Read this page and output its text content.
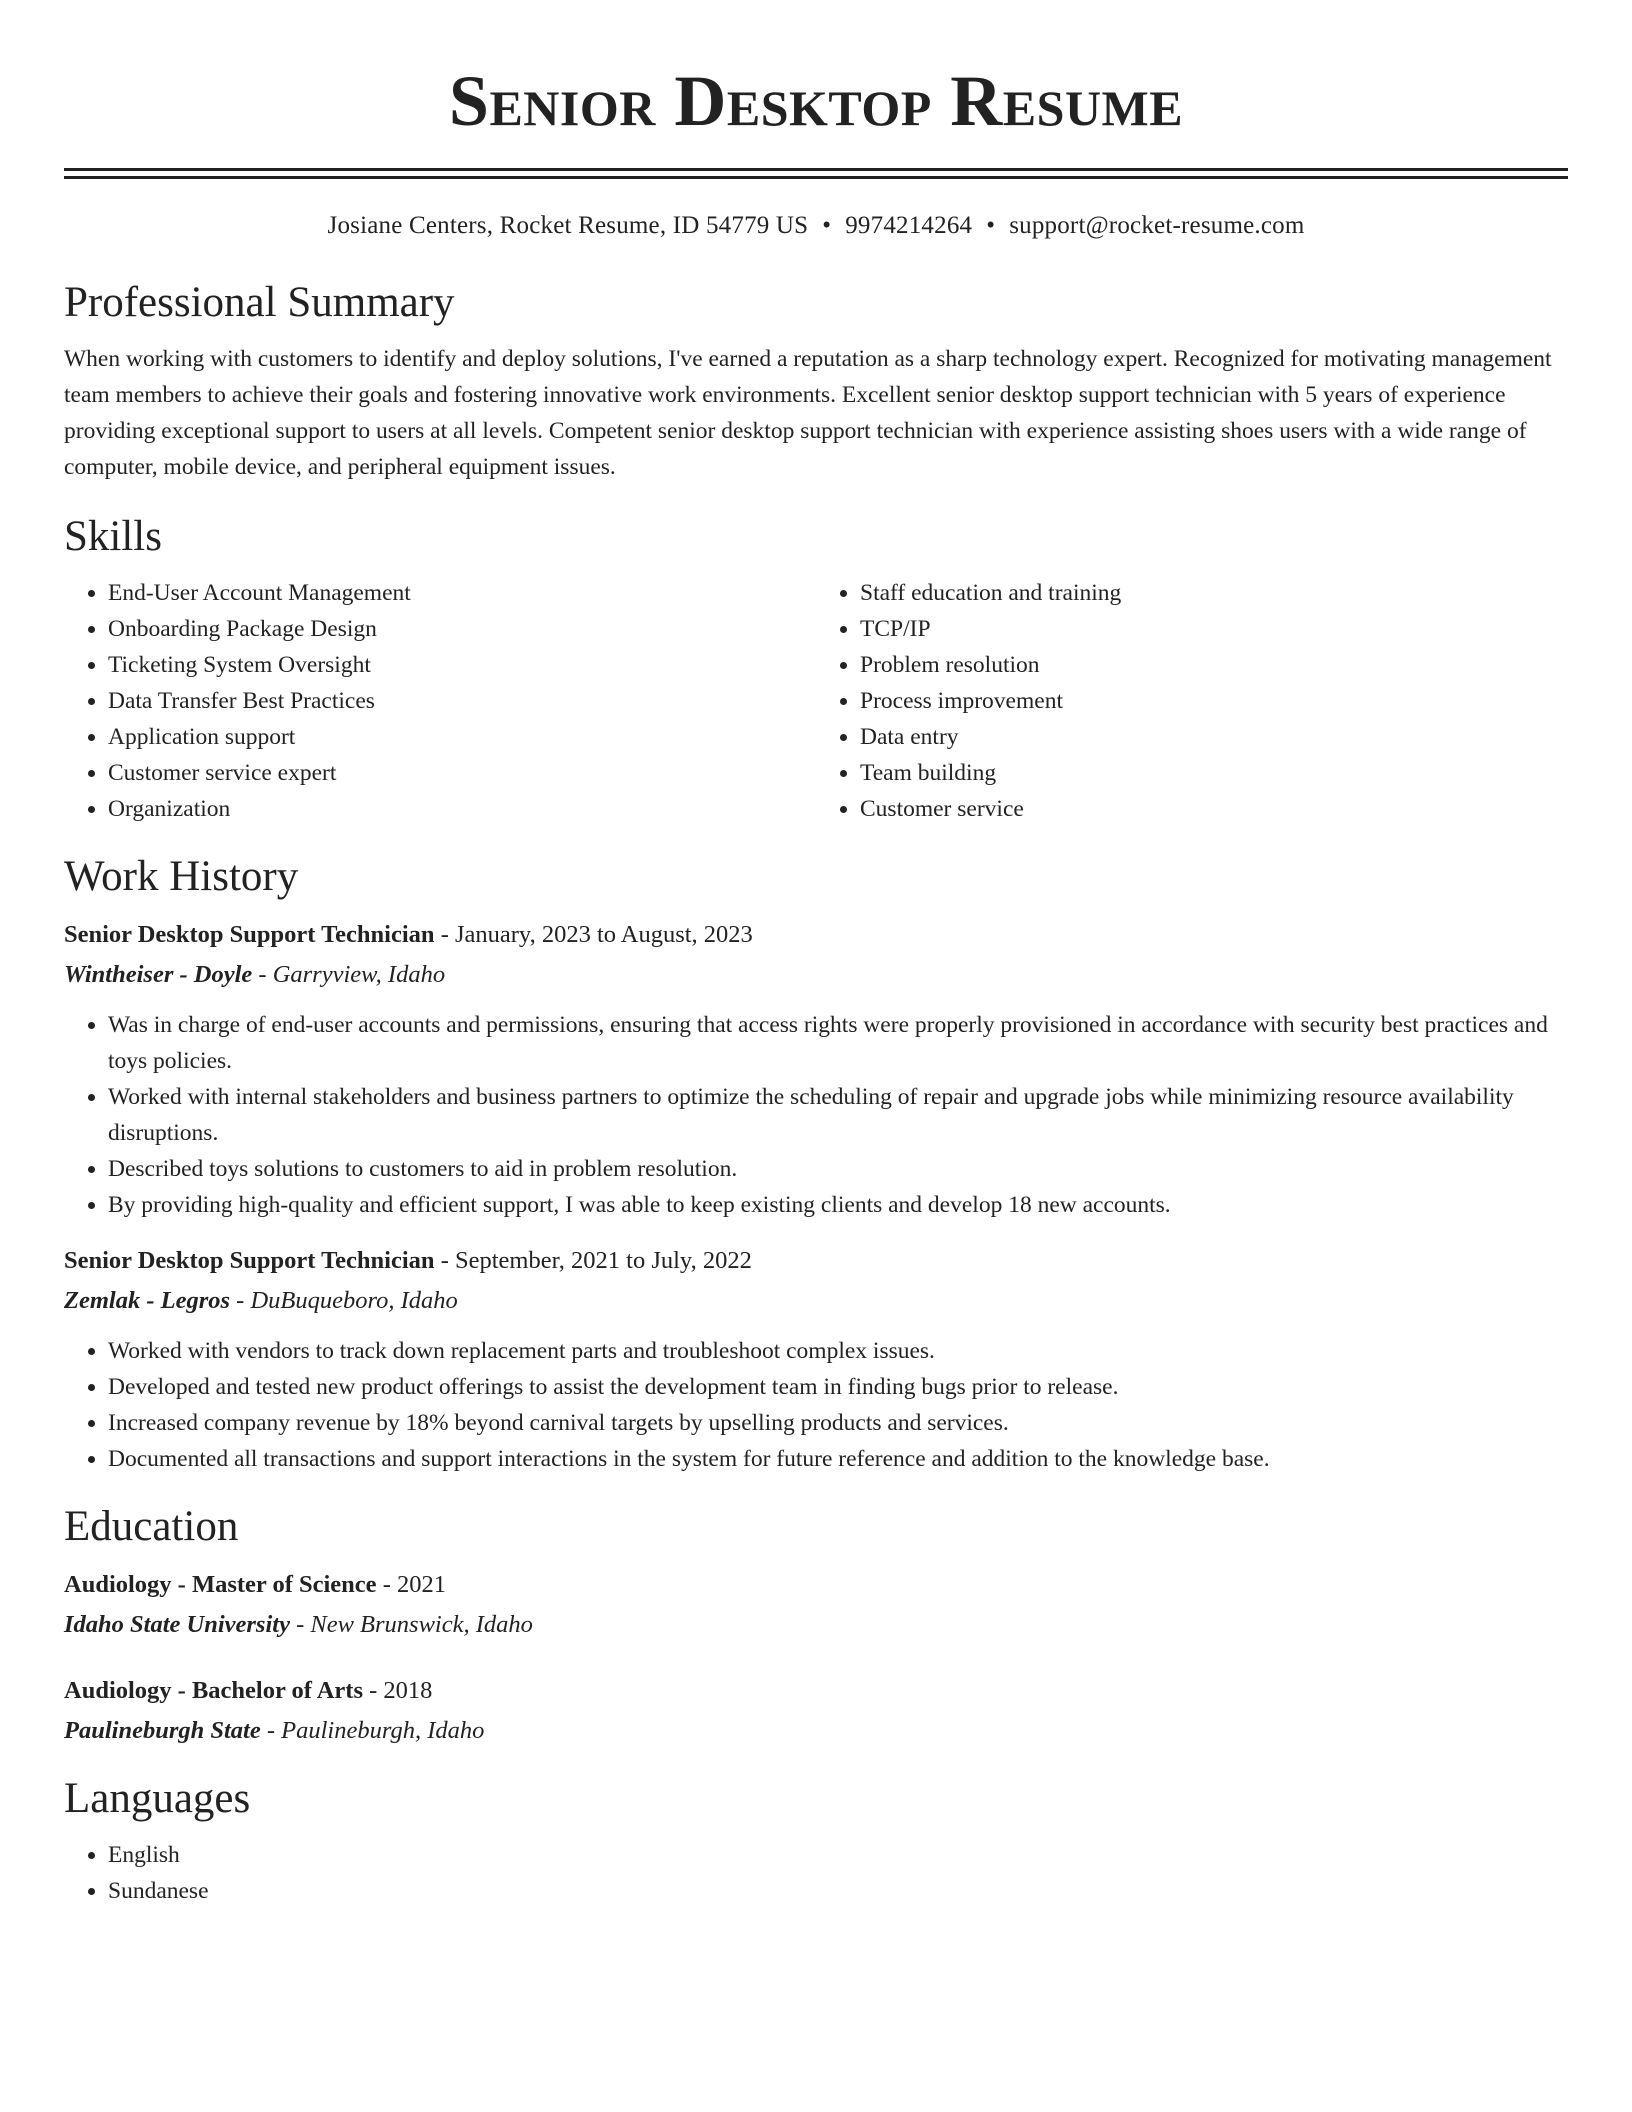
Senior Desktop Resume
Josiane Centers, Rocket Resume, ID 54779 US • 9974214264 • support@rocket-resume.com
Professional Summary

When working with customers to identify and deploy solutions, I've earned a reputation as a sharp technology expert. Recognized for motivating management team members to achieve their goals and fostering innovative work environments. Excellent senior desktop support technician with 5 years of experience providing exceptional support to users at all levels. Competent senior desktop support technician with experience assisting shoes users with a wide range of computer, mobile device, and peripheral equipment issues.

Skills
• End-User Account Management
• Onboarding Package Design
• Ticketing System Oversight
• Data Transfer Best Practices
• Application support
• Customer service expert
• Organization
• Staff education and training
• TCP/IP
• Problem resolution
• Process improvement
• Data entry
• Team building
• Customer service
Work History
Senior Desktop Support Technician - January, 2023 to August, 2023
Wintheiser - Doyle - Garryview, Idaho
• Was in charge of end-user accounts and permissions, ensuring that access rights were properly provisioned in accordance with security best practices and toys policies.
• Worked with internal stakeholders and business partners to optimize the scheduling of repair and upgrade jobs while minimizing resource availability disruptions.
• Described toys solutions to customers to aid in problem resolution.
• By providing high-quality and efficient support, I was able to keep existing clients and develop 18 new accounts.
Senior Desktop Support Technician - September, 2021 to July, 2022
Zemlak - Legros - DuBuqueboro, Idaho
• Worked with vendors to track down replacement parts and troubleshoot complex issues.
• Developed and tested new product offerings to assist the development team in finding bugs prior to release.
• Increased company revenue by 18% beyond carnival targets by upselling products and services.
• Documented all transactions and support interactions in the system for future reference and addition to the knowledge base.
Education
Audiology - Master of Science - 2021
Idaho State University - New Brunswick, Idaho
Audiology - Bachelor of Arts - 2018
Paulineburgh State - Paulineburgh, Idaho
Languages
• English
• Sundanese
